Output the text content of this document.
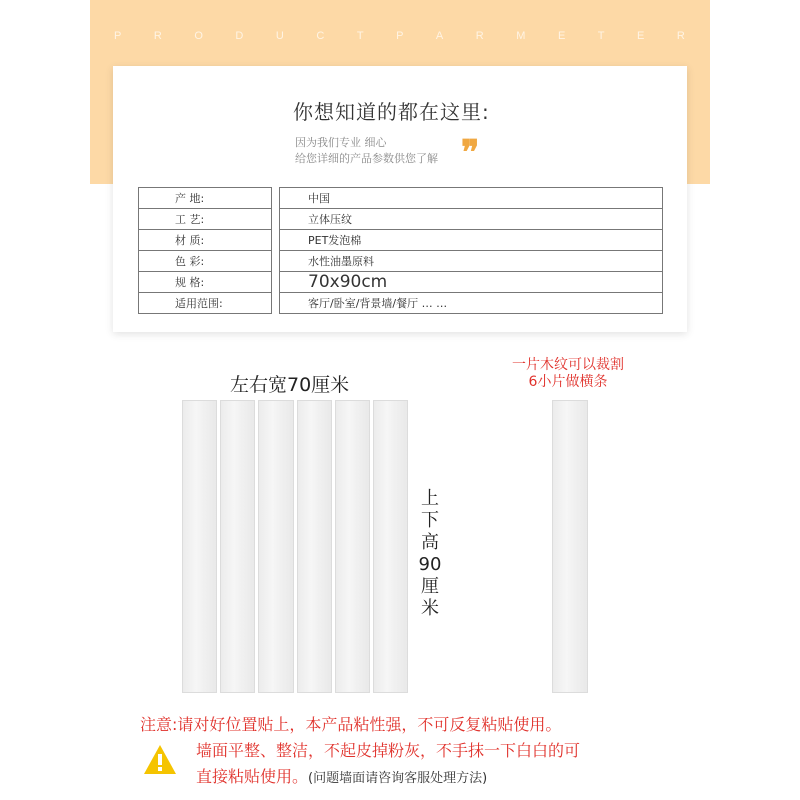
P	R	O	D	U	C	T	P	A	R	M	E	T	E	R
你想知道的都在这里:
因为我们专业 细心
给您详细的产品参数供您了解 ❞
产 地:		中国
工 艺:		立体压纹
材 质:		PET发泡棉
色 彩:		水性油墨原料
规 格:		70x90cm
适用范围:		客厅/卧室/背景墙/餐厅 … …
左右宽70厘米
上
下
高
90
厘
米
一片木纹可以裁割
6小片做横条
注意:请对好位置贴上，本产品粘性强，不可反复粘贴使用。
墙面平整、整洁，不起皮掉粉灰，不手抹一下白白的可
直接粘贴使用。(问题墙面请咨询客服处理方法)
